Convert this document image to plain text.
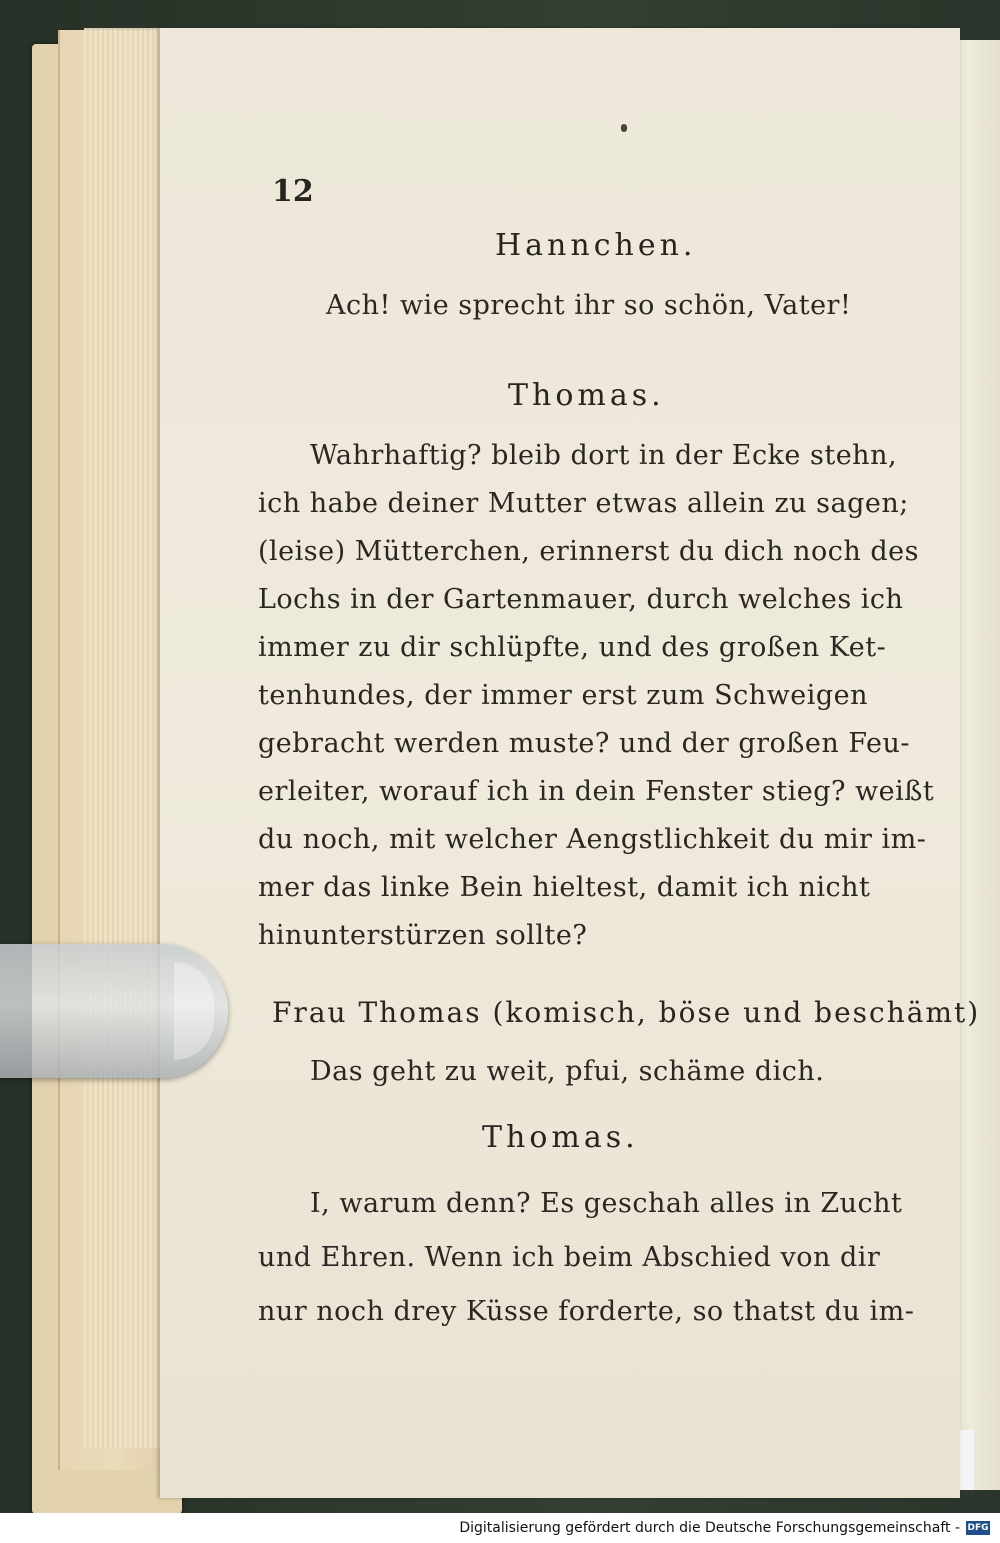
12
Hannchen.
Ach! wie sprecht ihr so schön, Vater!
Thomas.
Wahrhaftig? bleib dort in der Ecke stehn,
ich habe deiner Mutter etwas allein zu sagen;
(leise) Mütterchen, erinnerst du dich noch des
Lochs in der Gartenmauer, durch welches ich
immer zu dir schlüpfte, und des großen Ket-
tenhundes, der immer erst zum Schweigen
gebracht werden muste? und der großen Feu-
erleiter, worauf ich in dein Fenster stieg? weißt
du noch, mit welcher Aengstlichkeit du mir im-
mer das linke Bein hieltest, damit ich nicht
hinunterstürzen sollte?
Frau Thomas (komisch, böse und beschämt)
Das geht zu weit, pfui, schäme dich.
Thomas.
I, warum denn? Es geschah alles in Zucht
und Ehren. Wenn ich beim Abschied von dir
nur noch drey Küsse forderte, so thatst du im-
Digitalisierung gefördert durch die Deutsche Forschungsgemeinschaft - DFG
